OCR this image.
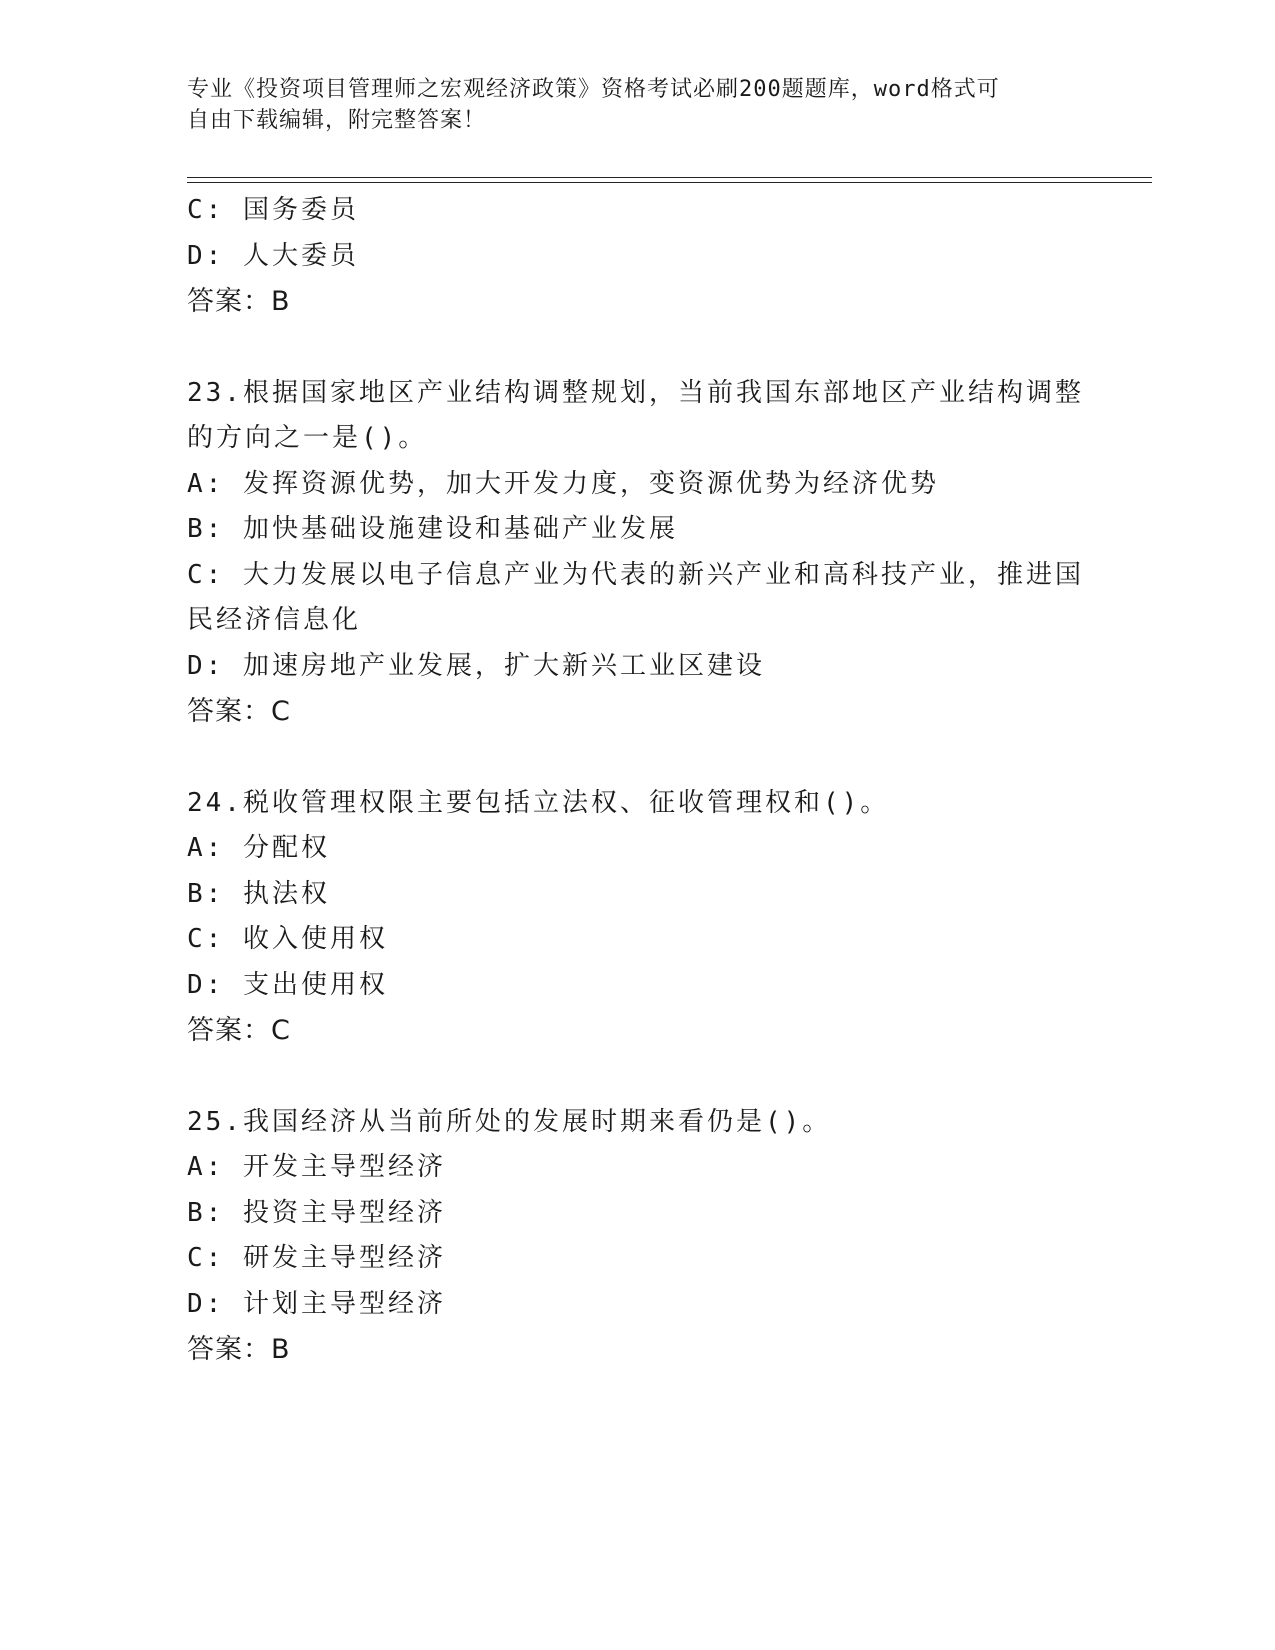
专业《投资项目管理师之宏观经济政策》资格考试必刷200题题库，word格式可
自由下载编辑，附完整答案！
C: 国务委员
D: 人大委员
答案：B
23.根据国家地区产业结构调整规划，当前我国东部地区产业结构调整
的方向之一是()。
A: 发挥资源优势，加大开发力度，变资源优势为经济优势
B: 加快基础设施建设和基础产业发展
C: 大力发展以电子信息产业为代表的新兴产业和高科技产业，推进国
民经济信息化
D: 加速房地产业发展，扩大新兴工业区建设
答案：C
24.税收管理权限主要包括立法权、征收管理权和()。
A: 分配权
B: 执法权
C: 收入使用权
D: 支出使用权
答案：C
25.我国经济从当前所处的发展时期来看仍是()。
A: 开发主导型经济
B: 投资主导型经济
C: 研发主导型经济
D: 计划主导型经济
答案：B
